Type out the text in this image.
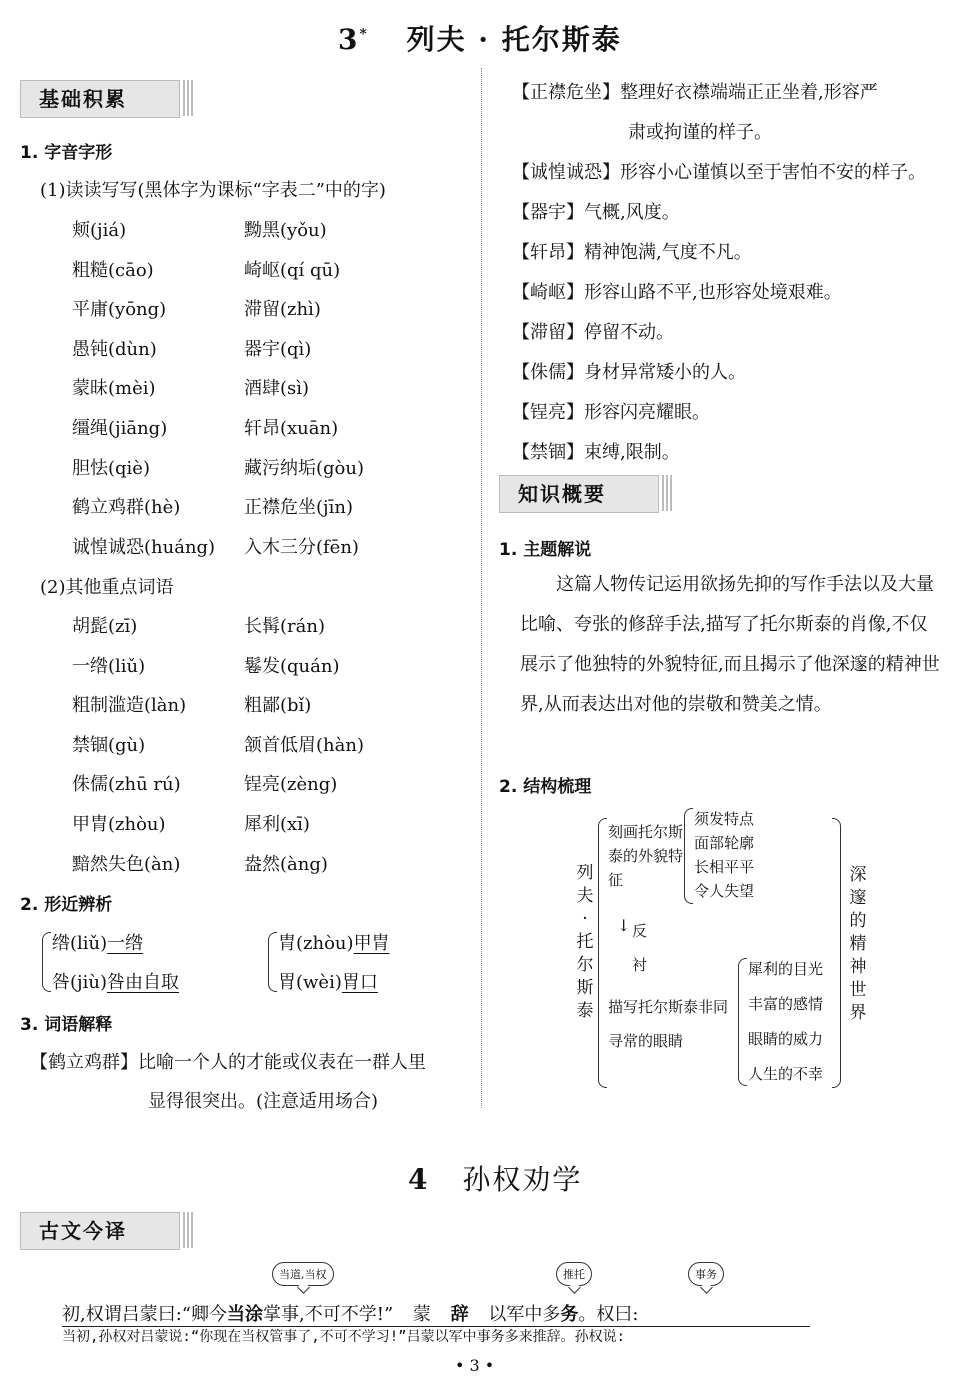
3* 列夫 · 托尔斯泰
基础积累
1. 字音字形
(1)读读写写(黑体字为课标“字表二”中的字)
颊(jiá)
粗糙(cāo)
平庸(yōng)
愚钝(dùn)
蒙昧(mèi)
缰绳(jiāng)
胆怯(qiè)
鹤立鸡群(hè)
诚惶诚恐(huáng)
黝黑(yǒu)
崎岖(qí qū)
滞留(zhì)
器宇(qì)
酒肆(sì)
轩昂(xuān)
藏污纳垢(gòu)
正襟危坐(jīn)
入木三分(fēn)
(2)其他重点词语
胡髭(zī)
一绺(liǔ)
粗制滥造(làn)
禁锢(gù)
侏儒(zhū rú)
甲胄(zhòu)
黯然失色(àn)
长髯(rán)
鬈发(quán)
粗鄙(bǐ)
颔首低眉(hàn)
锃亮(zèng)
犀利(xī)
盎然(àng)
2. 形近辨析
绺(liǔ)一绺
咎(jiù)咎由自取
胄(zhòu)甲胄
胃(wèi)胃口
3. 词语解释
【鹤立鸡群】比喻一个人的才能或仪表在一群人里
显得很突出。(注意适用场合)
【正襟危坐】整理好衣襟端端正正坐着,形容严
肃或拘谨的样子。
【诚惶诚恐】形容小心谨慎以至于害怕不安的样子。
【器宇】气概,风度。
【轩昂】精神饱满,气度不凡。
【崎岖】形容山路不平,也形容处境艰难。
【滞留】停留不动。
【侏儒】身材异常矮小的人。
【锃亮】形容闪亮耀眼。
【禁锢】束缚,限制。
知识概要
1. 主题解说
这篇人物传记运用欲扬先抑的写作手法以及大量比喻、夸张的修辞手法,描写了托尔斯泰的肖像,不仅展示了他独特的外貌特征,而且揭示了他深邃的精神世界,从而表达出对他的崇敬和赞美之情。
2. 结构梳理
列夫·托尔斯泰
刻画托尔斯泰的外貌特征
须发特点
面部轮廓
长相平平
令人失望
↓ 反衬
描写托尔斯泰非同寻常的眼睛
犀利的目光
丰富的感情
眼睛的威力
人生的不幸
深邃的精神世界
4 孙权劝学
古文今译
当道,当权	推托	事务
初,权谓吕蒙曰:“卿今当涂掌事,不可不学!” 蒙 辞 以军中多务。权曰:
当初,孙权对吕蒙说:“你现在当权管事了,不可不学习!”吕蒙以军中事务多来推辞。孙权说:
• 3 •
